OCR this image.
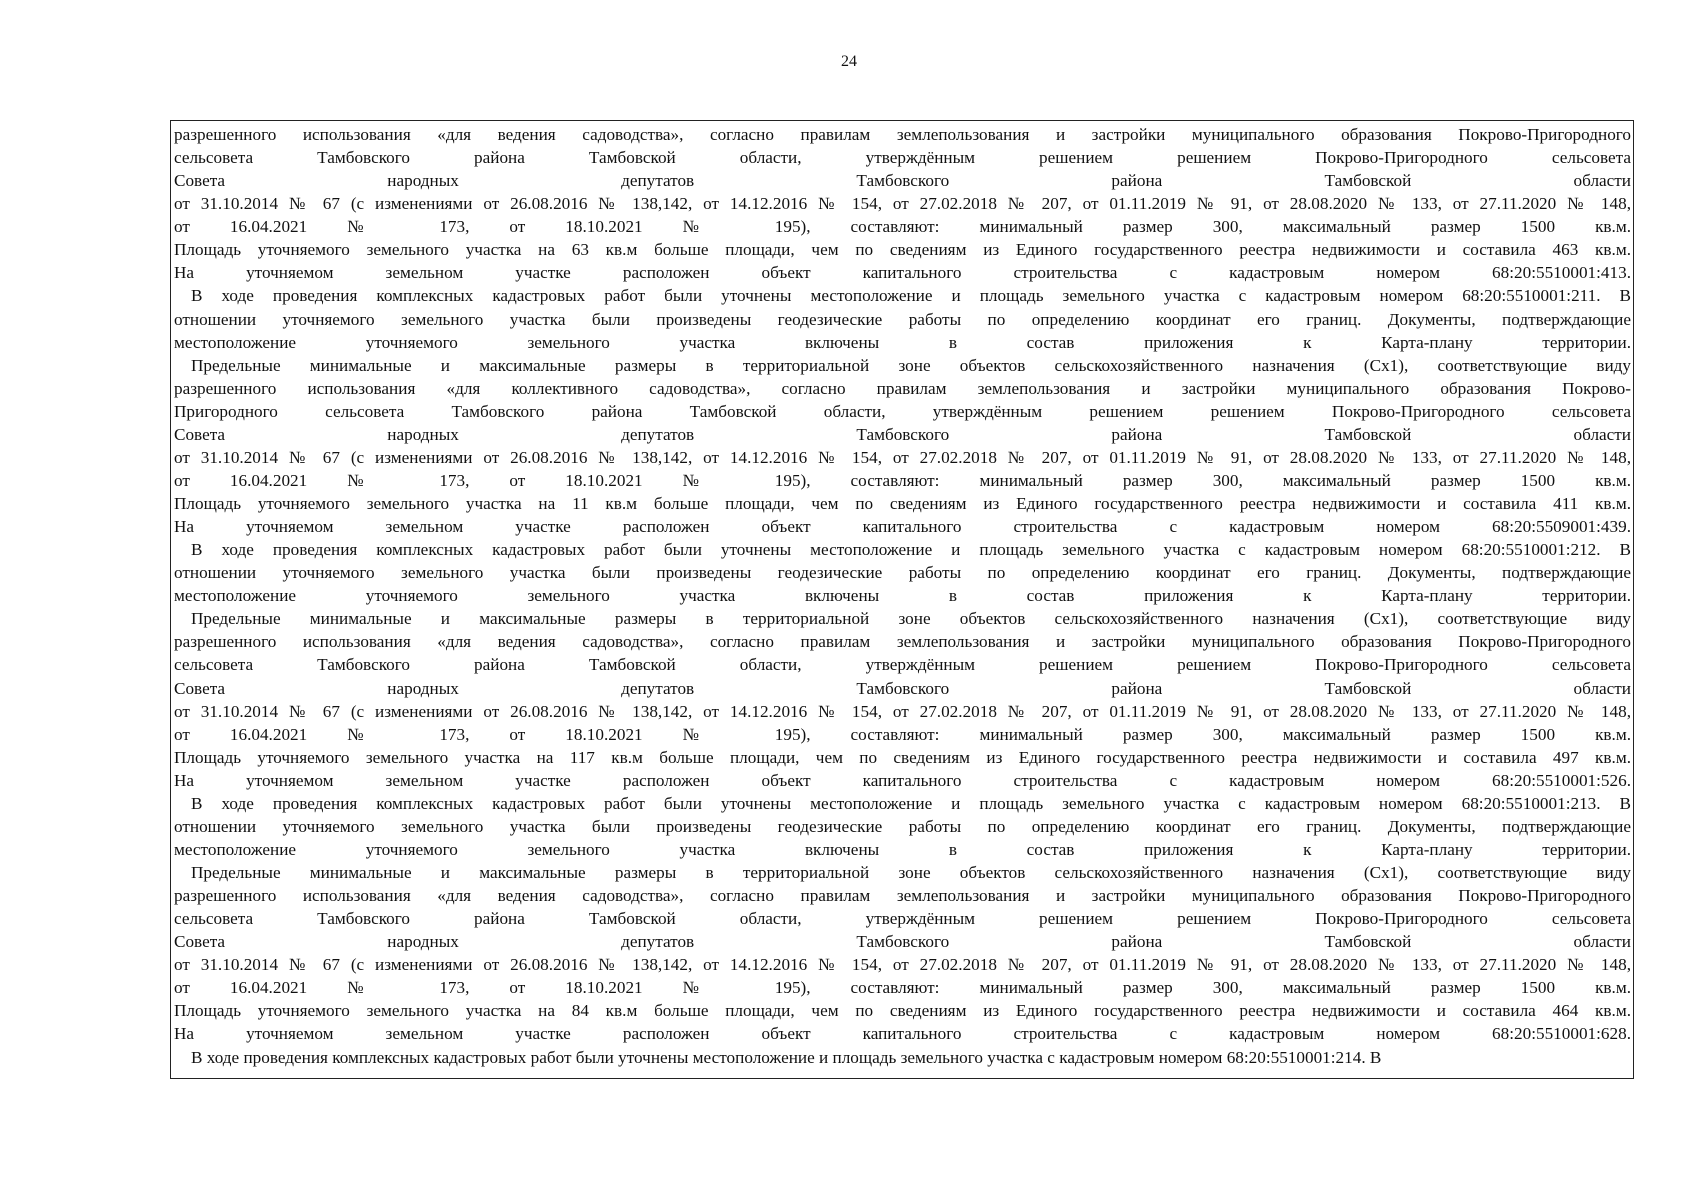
24
разрешенного использования «для ведения садоводства», согласно правилам землепользования и застройки муниципального образования Покрово-Пригородного
сельсовета Тамбовского района Тамбовской области, утверждённым решением решением Покрово-Пригородного сельсовета
Совета народных депутатов Тамбовского района Тамбовской области
от 31.10.2014 № 67 (с изменениями от 26.08.2016 № 138,142, от 14.12.2016 № 154, от 27.02.2018 № 207, от 01.11.2019 № 91, от 28.08.2020 № 133, от 27.11.2020 № 148,
от 16.04.2021 № 173, от 18.10.2021 № 195), составляют: минимальный размер 300, максимальный размер 1500 кв.м.
Площадь уточняемого земельного участка на 63 кв.м больше площади, чем по сведениям из Единого государственного реестра недвижимости и составила 463 кв.м.
На уточняемом земельном участке расположен объект капитального строительства с кадастровым номером 68:20:5510001:413.
В ходе проведения комплексных кадастровых работ были уточнены местоположение и площадь земельного участка с кадастровым номером 68:20:5510001:211. В
отношении уточняемого земельного участка были произведены геодезические работы по определению координат его границ. Документы, подтверждающие
местоположение уточняемого земельного участка включены в состав приложения к Карта-плану территории.
Предельные минимальные и максимальные размеры в территориальной зоне объектов сельскохозяйственного назначения (Сх1), соответствующие виду
разрешенного использования «для коллективного садоводства», согласно правилам землепользования и застройки муниципального образования Покрово-
Пригородного сельсовета Тамбовского района Тамбовской области, утверждённым решением решением Покрово-Пригородного сельсовета
Совета народных депутатов Тамбовского района Тамбовской области
от 31.10.2014 № 67 (с изменениями от 26.08.2016 № 138,142, от 14.12.2016 № 154, от 27.02.2018 № 207, от 01.11.2019 № 91, от 28.08.2020 № 133, от 27.11.2020 № 148,
от 16.04.2021 № 173, от 18.10.2021 № 195), составляют: минимальный размер 300, максимальный размер 1500 кв.м.
Площадь уточняемого земельного участка на 11 кв.м больше площади, чем по сведениям из Единого государственного реестра недвижимости и составила 411 кв.м.
На уточняемом земельном участке расположен объект капитального строительства с кадастровым номером 68:20:5509001:439.
В ходе проведения комплексных кадастровых работ были уточнены местоположение и площадь земельного участка с кадастровым номером 68:20:5510001:212. В
отношении уточняемого земельного участка были произведены геодезические работы по определению координат его границ. Документы, подтверждающие
местоположение уточняемого земельного участка включены в состав приложения к Карта-плану территории.
Предельные минимальные и максимальные размеры в территориальной зоне объектов сельскохозяйственного назначения (Сх1), соответствующие виду
разрешенного использования «для ведения садоводства», согласно правилам землепользования и застройки муниципального образования Покрово-Пригородного
сельсовета Тамбовского района Тамбовской области, утверждённым решением решением Покрово-Пригородного сельсовета
Совета народных депутатов Тамбовского района Тамбовской области
от 31.10.2014 № 67 (с изменениями от 26.08.2016 № 138,142, от 14.12.2016 № 154, от 27.02.2018 № 207, от 01.11.2019 № 91, от 28.08.2020 № 133, от 27.11.2020 № 148,
от 16.04.2021 № 173, от 18.10.2021 № 195), составляют: минимальный размер 300, максимальный размер 1500 кв.м.
Площадь уточняемого земельного участка на 117 кв.м больше площади, чем по сведениям из Единого государственного реестра недвижимости и составила 497 кв.м.
На уточняемом земельном участке расположен объект капитального строительства с кадастровым номером 68:20:5510001:526.
В ходе проведения комплексных кадастровых работ были уточнены местоположение и площадь земельного участка с кадастровым номером 68:20:5510001:213. В
отношении уточняемого земельного участка были произведены геодезические работы по определению координат его границ. Документы, подтверждающие
местоположение уточняемого земельного участка включены в состав приложения к Карта-плану территории.
Предельные минимальные и максимальные размеры в территориальной зоне объектов сельскохозяйственного назначения (Сх1), соответствующие виду
разрешенного использования «для ведения садоводства», согласно правилам землепользования и застройки муниципального образования Покрово-Пригородного
сельсовета Тамбовского района Тамбовской области, утверждённым решением решением Покрово-Пригородного сельсовета
Совета народных депутатов Тамбовского района Тамбовской области
от 31.10.2014 № 67 (с изменениями от 26.08.2016 № 138,142, от 14.12.2016 № 154, от 27.02.2018 № 207, от 01.11.2019 № 91, от 28.08.2020 № 133, от 27.11.2020 № 148,
от 16.04.2021 № 173, от 18.10.2021 № 195), составляют: минимальный размер 300, максимальный размер 1500 кв.м.
Площадь уточняемого земельного участка на 84 кв.м больше площади, чем по сведениям из Единого государственного реестра недвижимости и составила 464 кв.м.
На уточняемом земельном участке расположен объект капитального строительства с кадастровым номером 68:20:5510001:628.
В ходе проведения комплексных кадастровых работ были уточнены местоположение и площадь земельного участка с кадастровым номером 68:20:5510001:214. В
